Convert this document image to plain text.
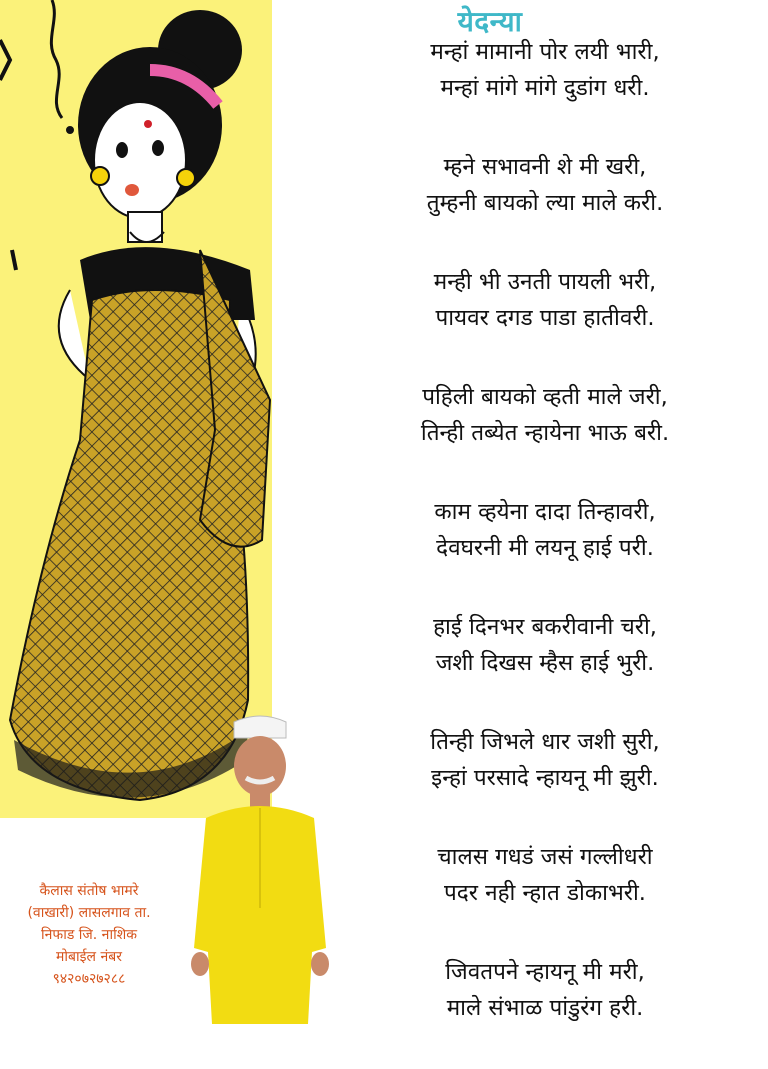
येदन्या
मन्हां मामानी पोर लयी भारी,
मन्हां मांगे मांगे दुडांग धरी.
म्हने सभावनी शे मी खरी,
तुम्हनी बायको ल्या माले करी.
मन्ही भी उनती पायली भरी,
पायवर दगड पाडा हातीवरी.
पहिली बायको व्हती माले जरी,
तिन्ही तब्येत न्हायेना भाऊ बरी.
काम व्हयेना दादा तिन्हावरी,
देवघरनी मी लयनू हाई परी.
हाई दिनभर बकरीवानी चरी,
जशी दिखस म्हैस हाई भुरी.
तिन्ही जिभले धार जशी सुरी,
इन्हां परसादे न्हायनू मी झुरी.
चालस गधडं जसं गल्लीधरी
पदर नही न्हात डोकाभरी.
जिवतपने न्हायनू मी मरी,
माले संभाळ पांडुरंग हरी.
कैलास संतोष भामरे
(वाखारी) लासलगाव ता.
निफाड जि. नाशिक
मोबाईल नंबर
९४२०७२७२८८
